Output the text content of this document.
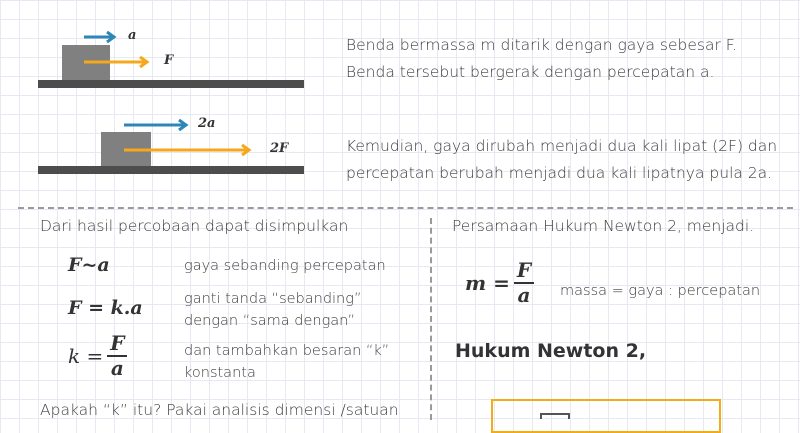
a
F
2a
2F
Benda bermassa m ditarik dengan gaya sebesar F.
Benda tersebut bergerak dengan percepatan a.
Kemudian, gaya dirubah menjadi dua kali lipat (2F) dan
percepatan berubah menjadi dua kali lipatnya pula 2a.
Dari hasil percobaan dapat disimpulkan
F~a	gaya sebanding percepatan
F = k.a	ganti tanda “sebanding”
dengan “sama dengan”
$k = \frac{F}{a}$	dan tambahkan besaran “k”
konstanta
Apakah “k” itu? Pakai analisis dimensi /satuan
Persamaan Hukum Newton 2, menjadi.
$m = \frac{F}{a}$ massa = gaya : percepatan
Hukum Newton 2,
